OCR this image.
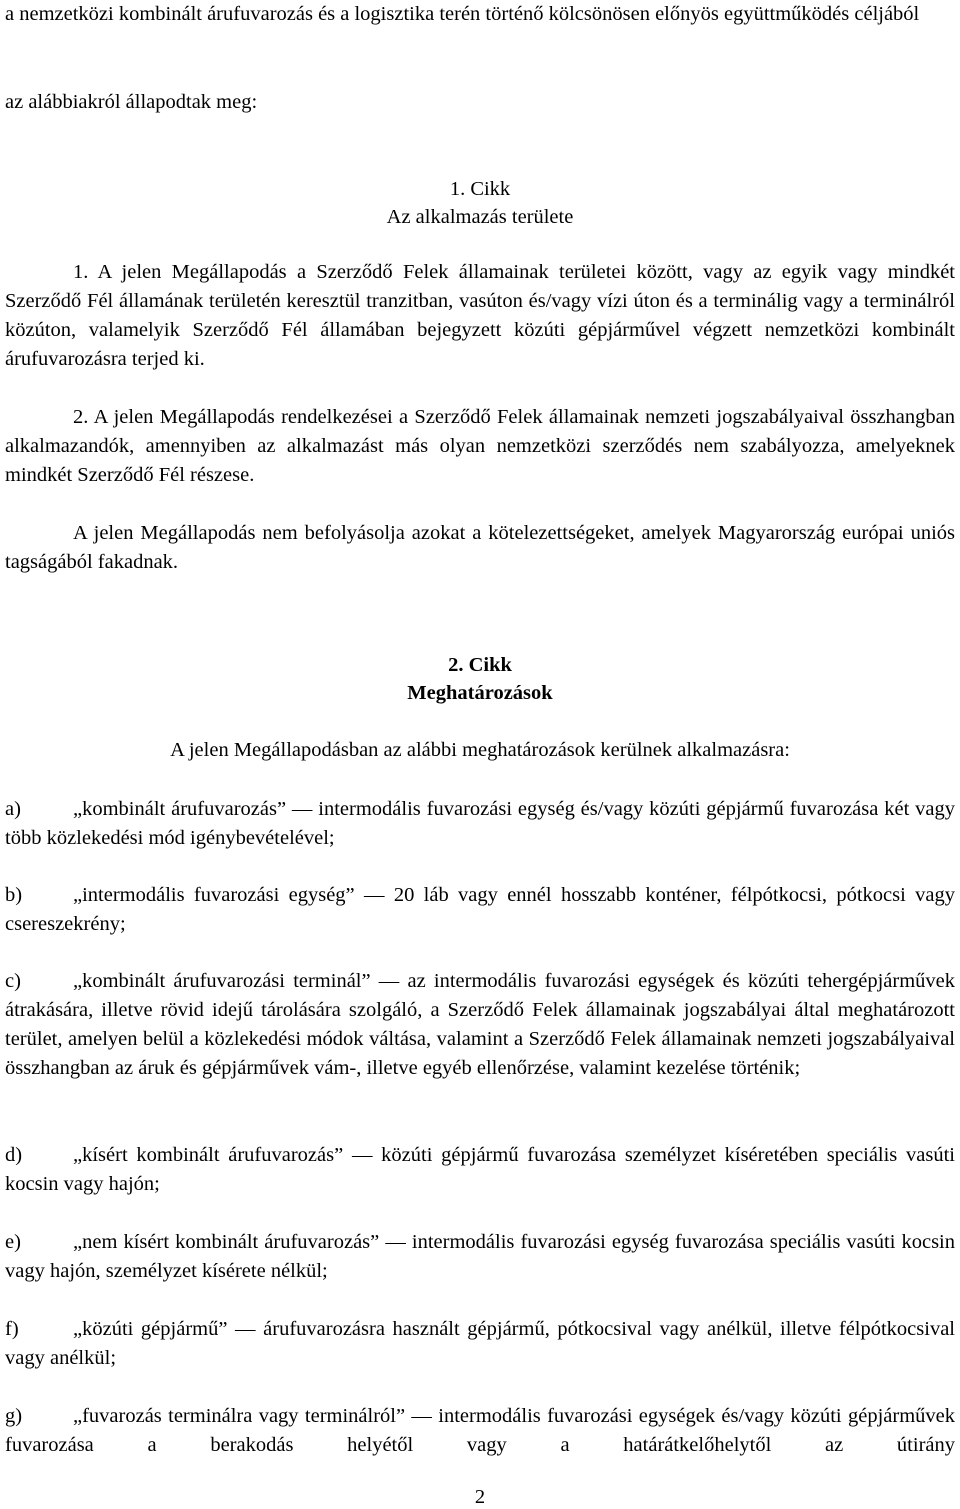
a nemzetközi kombinált árufuvarozás és a logisztika terén történő kölcsönösen előnyös együttműködés céljából

az alábbiakról állapodtak meg:

1. Cikk

Az alkalmazás területe

1. A jelen Megállapodás a Szerződő Felek államainak területei között, vagy az egyik vagy mindkét Szerződő Fél államának területén keresztül tranzitban, vasúton és/vagy vízi úton és a terminálig vagy a terminálról közúton, valamelyik Szerződő Fél államában bejegyzett közúti gépjárművel végzett nemzetközi kombinált árufuvarozásra terjed ki.

2. A jelen Megállapodás rendelkezései a Szerződő Felek államainak nemzeti jogszabályaival összhangban alkalmazandók, amennyiben az alkalmazást más olyan nemzetközi szerződés nem szabályozza, amelyeknek mindkét Szerződő Fél részese.

A jelen Megállapodás nem befolyásolja azokat a kötelezettségeket, amelyek Magyarország európai uniós tagságából fakadnak.

2. Cikk

Meghatározások

A jelen Megállapodásban az alábbi meghatározások kerülnek alkalmazásra:

a)	„kombinált árufuvarozás” — intermodális fuvarozási egység és/vagy közúti gépjármű fuvarozása két vagy több közlekedési mód igénybevételével;

b) „intermodális fuvarozási egység” — 20 láb vagy ennél hosszabb konténer, félpótkocsi, pótkocsi vagy csereszekrény;

c)	„kombinált árufuvarozási terminál” — az intermodális fuvarozási egységek és közúti tehergépjárművek átrakására, illetve rövid idejű tárolására szolgáló, a Szerződő Felek államainak jogszabályai által meghatározott terület, amelyen belül a közlekedési módok váltása, valamint a Szerződő Felek államainak nemzeti jogszabályaival összhangban az áruk és gépjárművek vám-, illetve egyéb ellenőrzése, valamint kezelése történik;

d) „kísért kombinált árufuvarozás” — közúti gépjármű fuvarozása személyzet kíséretében speciális vasúti kocsin vagy hajón;

e)	„nem kísért kombinált árufuvarozás” — intermodális fuvarozási egység fuvarozása speciális vasúti kocsin vagy hajón, személyzet kísérete nélkül;

f)	„közúti gépjármű” — árufuvarozásra használt gépjármű, pótkocsival vagy anélkül, illetve félpótkocsival vagy anélkül;

g) „fuvarozás terminálra vagy terminálról” — intermodális fuvarozási egységek és/vagy közúti gépjárművek fuvarozása a berakodás helyétől vagy a határátkelőhelytől az útirány

2
